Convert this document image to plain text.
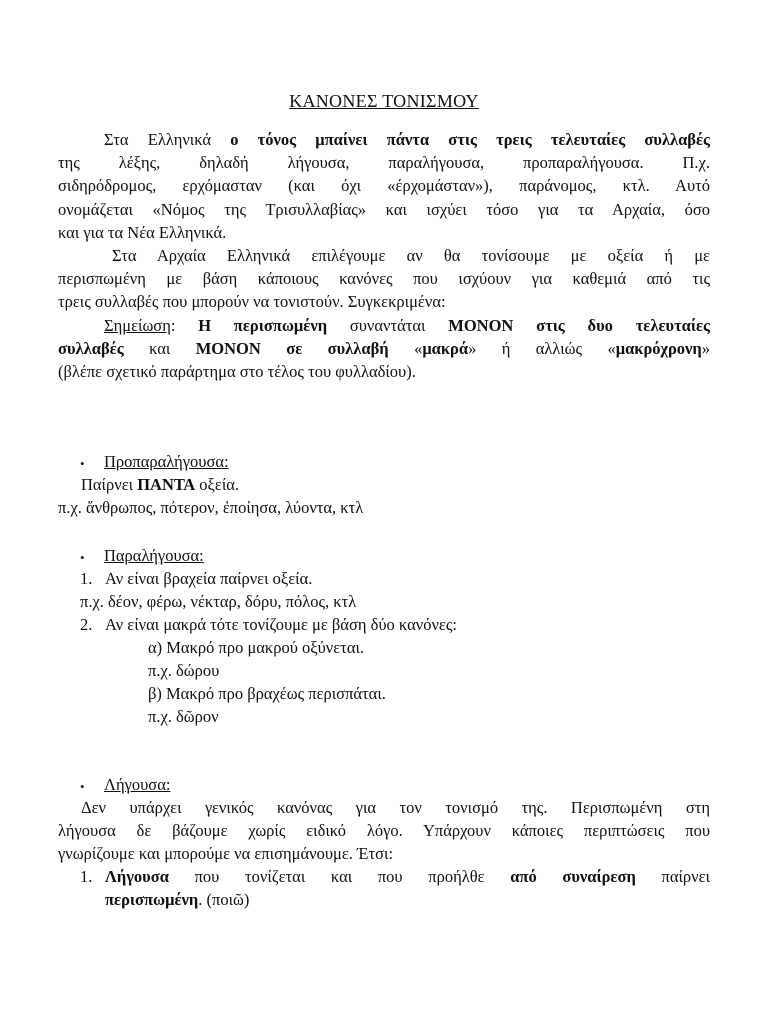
ΚΑΝΟΝΕΣ ΤΟΝΙΣΜΟΥ
Στα Ελληνικά ο τόνος μπαίνει πάντα στις τρεις τελευταίες συλλαβές
της λέξης, δηλαδή λήγουσα, παραλήγουσα, προπαραλήγουσα. Π.χ.
σιδηρόδρομος, ερχόμασταν (και όχι «έρχομάσταν»), παράνομος, κτλ. Αυτό
ονομάζεται «Νόμος της Τρισυλλαβίας» και ισχύει τόσο για τα Αρχαία, όσο
και για τα Νέα Ελληνικά.
Στα Αρχαία Ελληνικά επιλέγουμε αν θα τονίσουμε με οξεία ή με
περισπωμένη με βάση κάποιους κανόνες που ισχύουν για καθεμιά από τις
τρεις συλλαβές που μπορούν να τονιστούν. Συγκεκριμένα:
Σημείωση: Η περισπωμένη συναντάται ΜΟΝΟΝ στις δυο τελευταίες
συλλαβές και ΜΟΝΟΝ σε συλλαβή «μακρά» ή αλλιώς «μακρόχρονη»
(βλέπε σχετικό παράρτημα στο τέλος του φυλλαδίου).
• Προπαραλήγουσα:
Παίρνει ΠΑΝΤΑ οξεία.
π.χ. ἄνθρωπος, πότερον, ἐποίησα, λύοντα, κτλ
• Παραλήγουσα:
1. Αν είναι βραχεία παίρνει οξεία.
π.χ. δέον, φέρω, νέκταρ, δόρυ, πόλος, κτλ
2. Αν είναι μακρά τότε τονίζουμε με βάση δύο κανόνες:
α) Μακρό προ μακρού οξύνεται.
π.χ. δώρου
β) Μακρό προ βραχέως περισπάται.
π.χ. δῶρον
• Λήγουσα:
Δεν υπάρχει γενικός κανόνας για τον τονισμό της. Περισπωμένη στη
λήγουσα δε βάζουμε χωρίς ειδικό λόγο. Υπάρχουν κάποιες περιπτώσεις που
γνωρίζουμε και μπορούμε να επισημάνουμε. Έτσι:
1. Λήγουσα που τονίζεται και που προήλθε από συναίρεση παίρνει
περισπωμένη. (ποιῶ)
